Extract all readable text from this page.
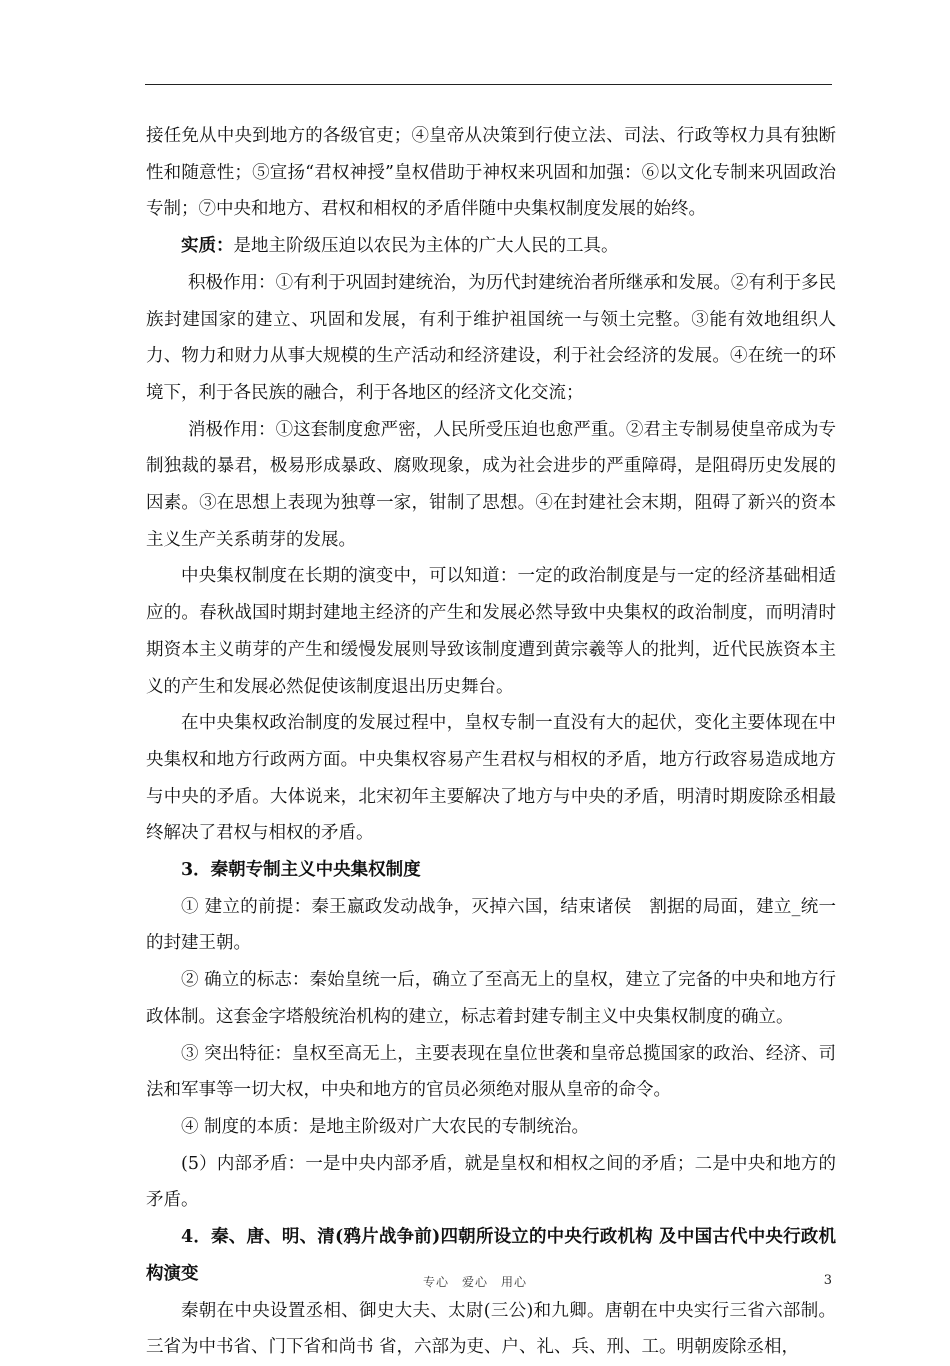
接任免从中央到地方的各级官吏；④皇帝从决策到行使立法、司法、行政等权力具有独断性和随意性；⑤宣扬“君权神授”皇权借助于神权来巩固和加强：⑥以文化专制来巩固政治专制；⑦中央和地方、君权和相权的矛盾伴随中央集权制度发展的始终。

实质：是地主阶级压迫以农民为主体的广大人民的工具。

积极作用：①有利于巩固封建统治，为历代封建统治者所继承和发展。②有利于多民族封建国家的建立、巩固和发展，有利于维护祖国统一与领土完整。③能有效地组织人力、物力和财力从事大规模的生产活动和经济建设，利于社会经济的发展。④在统一的环境下，利于各民族的融合，利于各地区的经济文化交流；

消极作用：①这套制度愈严密，人民所受压迫也愈严重。②君主专制易使皇帝成为专制独裁的暴君，极易形成暴政、腐败现象，成为社会进步的严重障碍，是阻碍历史发展的因素。③在思想上表现为独尊一家，钳制了思想。④在封建社会末期，阻碍了新兴的资本主义生产关系萌芽的发展。

中央集权制度在长期的演变中，可以知道：一定的政治制度是与一定的经济基础相适应的。春秋战国时期封建地主经济的产生和发展必然导致中央集权的政治制度，而明清时期资本主义萌芽的产生和缓慢发展则导致该制度遭到黄宗羲等人的批判，近代民族资本主义的产生和发展必然促使该制度退出历史舞台。

在中央集权政治制度的发展过程中，皇权专制一直没有大的起伏，变化主要体现在中央集权和地方行政两方面。中央集权容易产生君权与相权的矛盾，地方行政容易造成地方与中央的矛盾。大体说来，北宋初年主要解决了地方与中央的矛盾，明清时期废除丞相最终解决了君权与相权的矛盾。

3．秦朝专制主义中央集权制度

① 建立的前提：秦王嬴政发动战争，灭掉六国，结束诸侯　割据的局面，建立_统一的封建王朝。

② 确立的标志：秦始皇统一后，确立了至高无上的皇权，建立了完备的中央和地方行政体制。这套金字塔般统治机构的建立，标志着封建专制主义中央集权制度的确立。

③ 突出特征：皇权至高无上，主要表现在皇位世袭和皇帝总揽国家的政治、经济、司法和军事等一切大权，中央和地方的官员必须绝对服从皇帝的命令。

④ 制度的本质：是地主阶级对广大农民的专制统治。

(5）内部矛盾：一是中央内部矛盾，就是皇权和相权之间的矛盾；二是中央和地方的矛盾。

4．秦、唐、明、清(鸦片战争前)四朝所设立的中央行政机构 及中国古代中央行政机构演变

秦朝在中央设置丞相、御史大夫、太尉(三公)和九卿。唐朝在中央实行三省六部制。三省为中书省、门下省和尚书 省，六部为吏、户、礼、兵、刑、工。明朝废除丞相，

专心　爱心　用心	3
